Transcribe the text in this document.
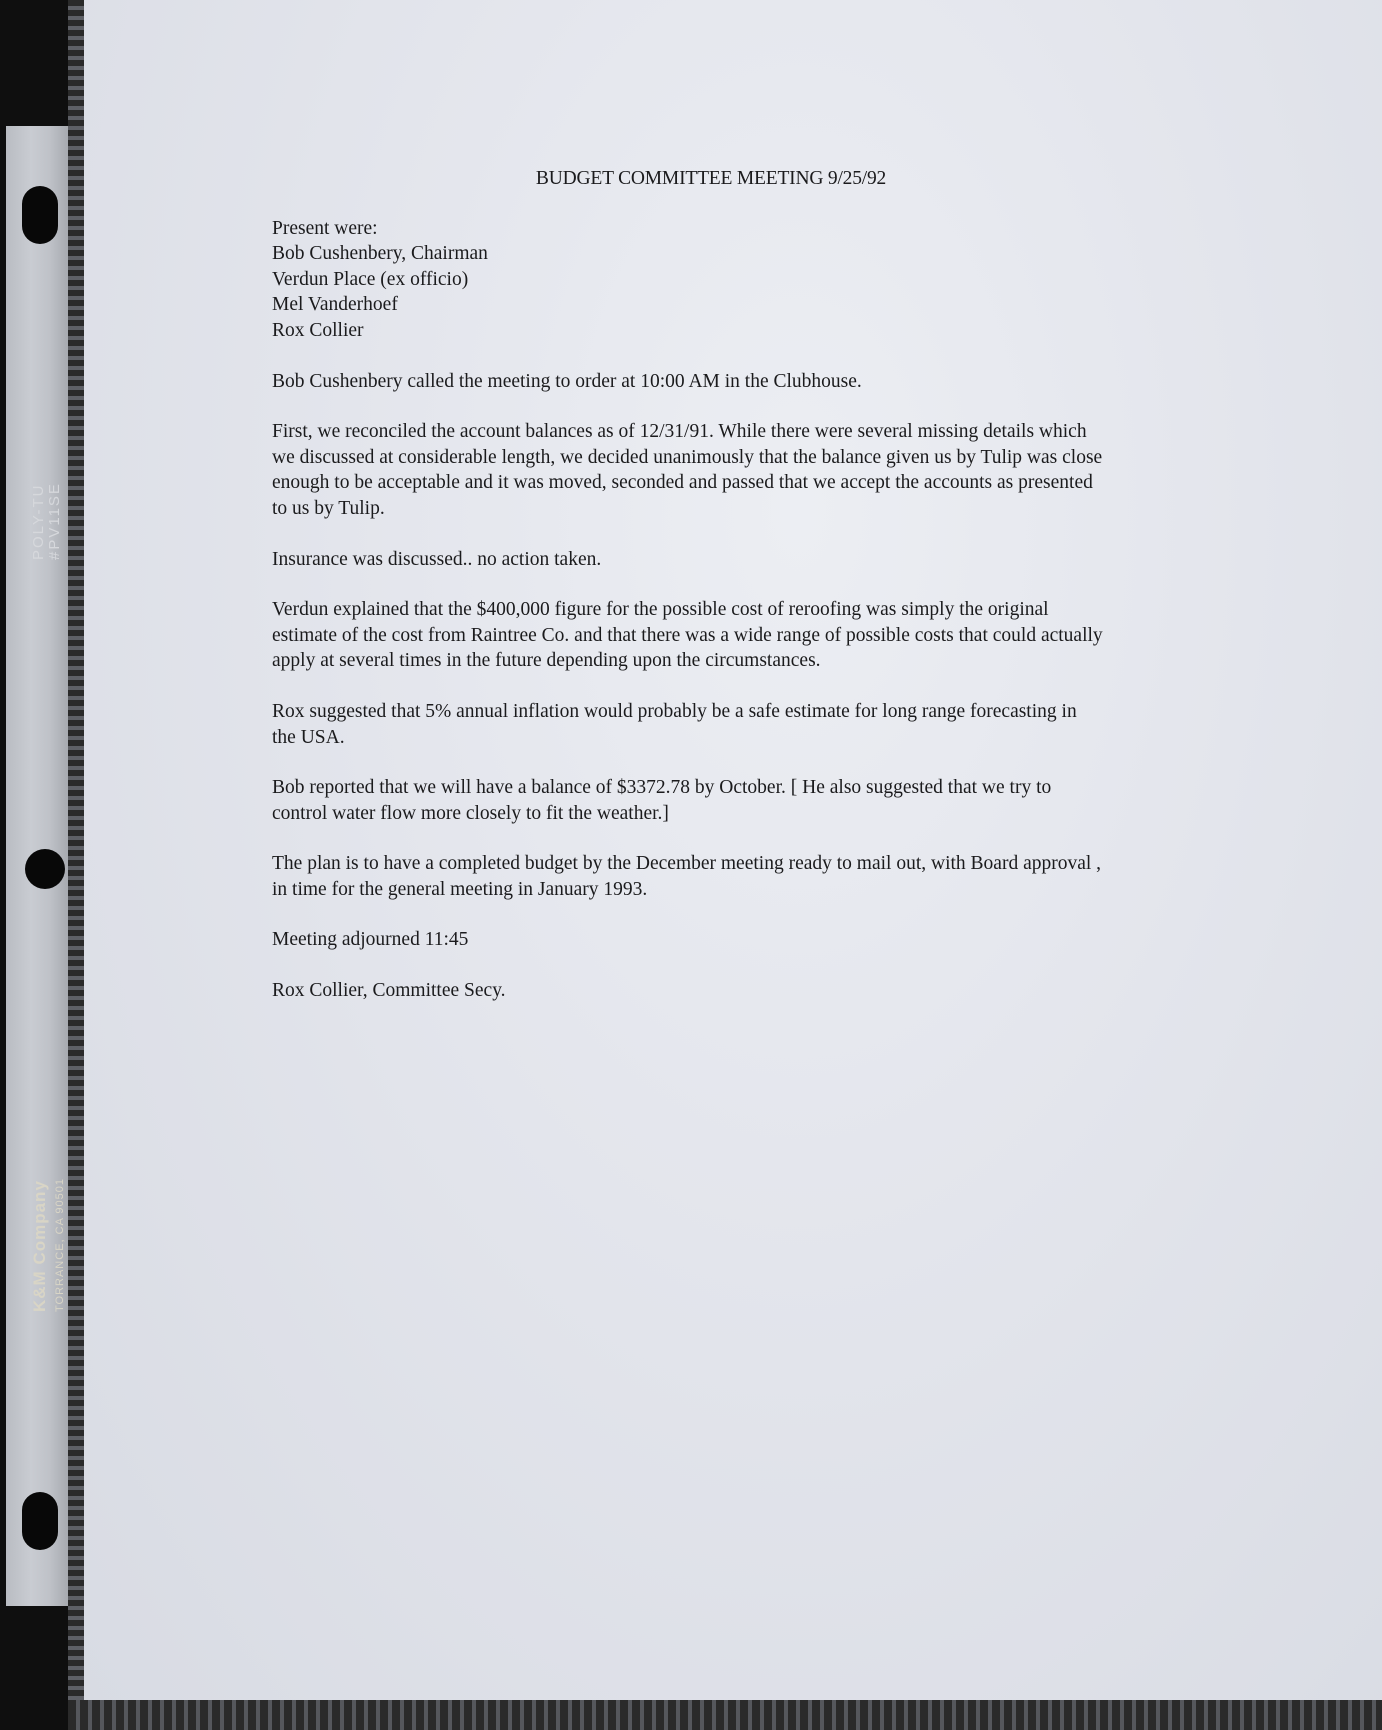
POLY-TU #PV11SE
K&M Company TORRANCE, CA 90501
BUDGET COMMITTEE MEETING 9/25/92
Present were:
Bob Cushenbery, Chairman
Verdun Place (ex officio)
Mel Vanderhoef
Rox Collier

Bob Cushenbery called the meeting to order at 10:00 AM in the Clubhouse.

First, we reconciled the account balances as of 12/31/91. While there were several missing details which
we discussed at considerable length, we decided unanimously that the balance given us by Tulip was close
enough to be acceptable and it was moved, seconded and passed that we accept the accounts as presented
to us by Tulip.

Insurance was discussed.. no action taken.

Verdun explained that the $400,000 figure for the possible cost of reroofing was simply the original
estimate of the cost from Raintree Co. and that there was a wide range of possible costs that could actually
apply at several times in the future depending upon the circumstances.

Rox suggested that 5% annual inflation would probably be a safe estimate for long range forecasting in
the USA.

Bob reported that we will have a balance of $3372.78 by October. [ He also suggested that we try to
control water flow more closely to fit the weather.]

The plan is to have a completed budget by the December meeting ready to mail out, with Board approval ,
in time for the general meeting in January 1993.

Meeting adjourned 11:45

Rox Collier, Committee Secy.
